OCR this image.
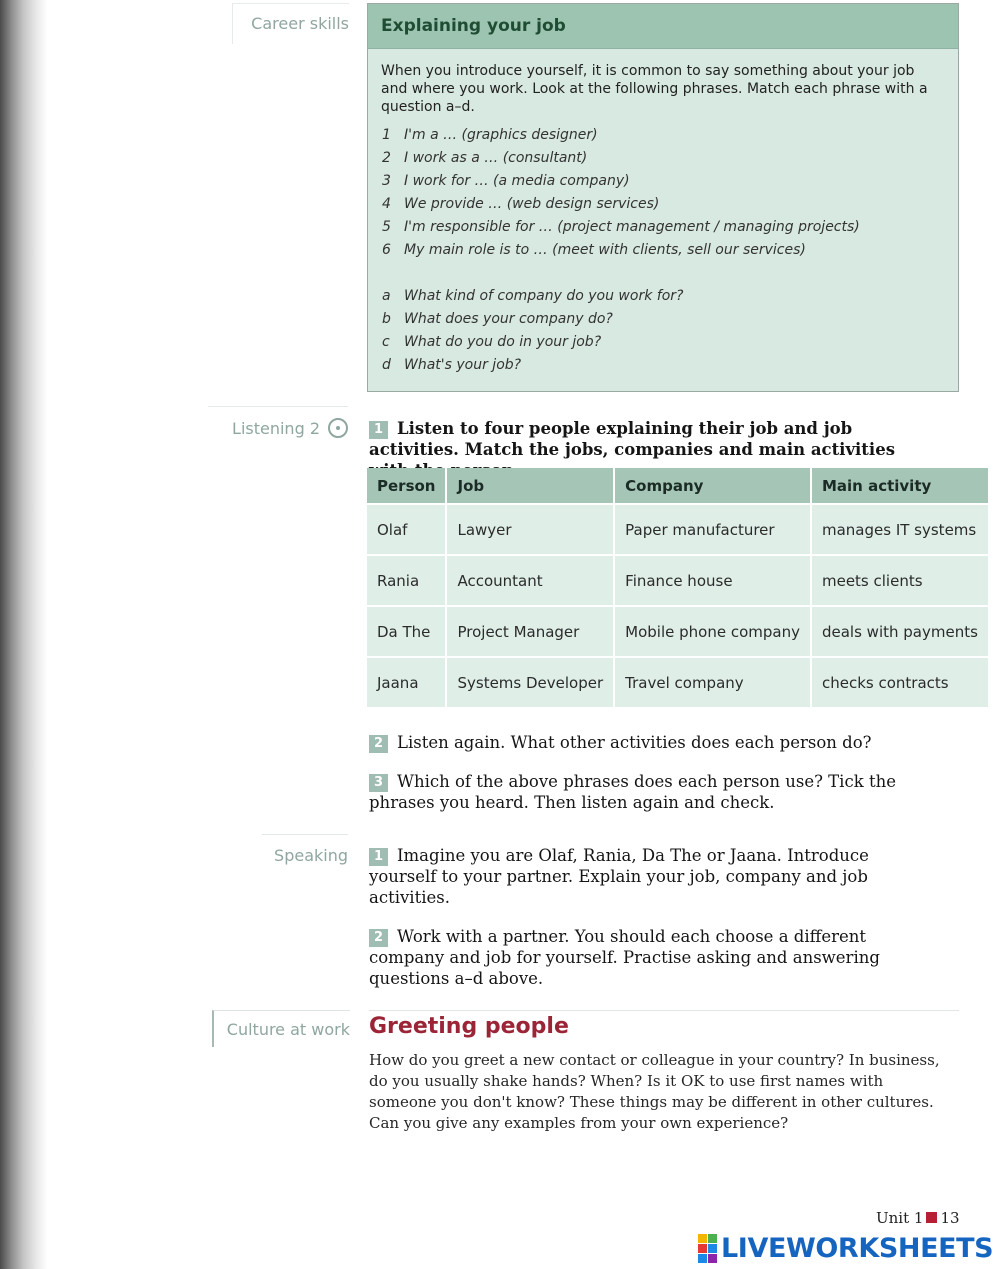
Career skills	Explaining your job
When you introduce yourself, it is common to say something about your job and where you work. Look at the following phrases. Match each phrase with a question a–d.
1 I'm a … (graphics designer)
2 I work as a … (consultant)
3 I work for … (a media company)
4 We provide … (web design services)
5 I'm responsible for … (project management / managing projects)
6 My main role is to … (meet with clients, sell our services)
a What kind of company do you work for?
b What does your company do?
c What do you do in your job?
d What's your job?
Listening 2	1 Listen to four people explaining their job and job activities. Match the jobs, companies and main activities
Person	Job	Company	Main activity
Olaf	Lawyer	Paper manufacturer	manages IT systems
Rania	Accountant	Finance house	meets clients
Da The	Project Manager	Mobile phone company	deals with payments
Jaana	Systems Developer	Travel company	checks contracts
2 Listen again. What other activities does each person do?
3 Which of the above phrases does each person use? Tick the phrases you heard. Then listen again and check.
Speaking	1 Imagine you are Olaf, Rania, Da The or Jaana. Introduce yourself to your partner. Explain your job, company and job activities.
2 Work with a partner. You should each choose a different company and job for yourself. Practise asking and answering questions a–d above.
Culture at work Greeting people
How do you greet a new contact or colleague in your country? In business, do you usually shake hands? When? Is it OK to use first names with someone you don't know? These things may be different in other cultures. Can you give any examples from your own experience?
Unit 1 13
LIVEWORKSHEETS
